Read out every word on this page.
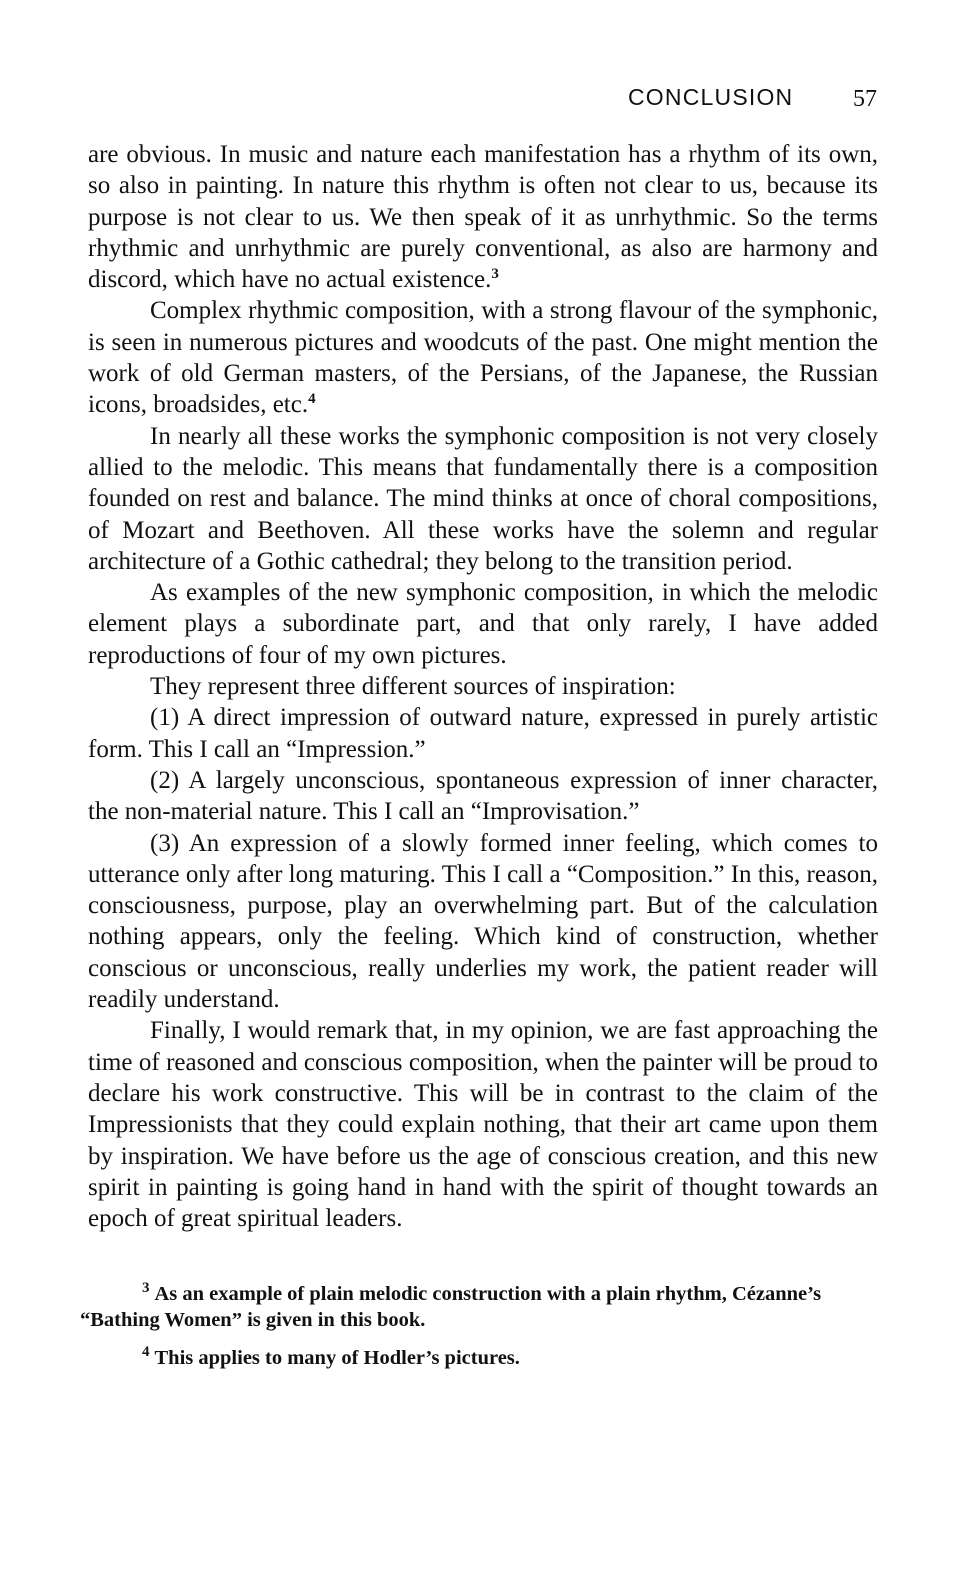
CONCLUSION 57

are obvious. In music and nature each manifestation has a rhythm of its own, so also in painting. In nature this rhythm is often not clear to us, because its purpose is not clear to us. We then speak of it as unrhythmic. So the terms rhythmic and unrhythmic are purely conventional, as also are harmony and discord, which have no actual existence.$^3$

Complex rhythmic composition, with a strong flavour of the symphonic, is seen in numerous pictures and woodcuts of the past. One might mention the work of old German masters, of the Persians, of the Japanese, the Russian icons, broadsides, etc.$^4$

In nearly all these works the symphonic composition is not very closely allied to the melodic. This means that fundamentally there is a composition founded on rest and balance. The mind thinks at once of choral compositions, of Mozart and Beethoven. All these works have the solemn and regular architecture of a Gothic cathedral; they belong to the transition period.

As examples of the new symphonic composition, in which the melodic element plays a subordinate part, and that only rarely, I have added reproductions of four of my own pictures.

They represent three different sources of inspiration:

(1) A direct impression of outward nature, expressed in purely artistic form. This I call an “Impression.”

(2) A largely unconscious, spontaneous expression of inner character, the non-material nature. This I call an “Improvisation.”

(3) An expression of a slowly formed inner feeling, which comes to utterance only after long maturing. This I call a “Composition.” In this, reason, consciousness, purpose, play an overwhelming part. But of the calculation nothing appears, only the feeling. Which kind of construction, whether conscious or unconscious, really underlies my work, the patient reader will readily understand.

Finally, I would remark that, in my opinion, we are fast approaching the time of reasoned and conscious composition, when the painter will be proud to declare his work constructive. This will be in contrast to the claim of the Impressionists that they could explain nothing, that their art came upon them by inspiration. We have before us the age of conscious creation, and this new spirit in painting is going hand in hand with the spirit of thought towards an epoch of great spiritual leaders.

$^3$ As an example of plain melodic construction with a plain rhythm, Cézanne’s “Bathing Women” is given in this book.

$^4$ This applies to many of Hodler’s pictures.
